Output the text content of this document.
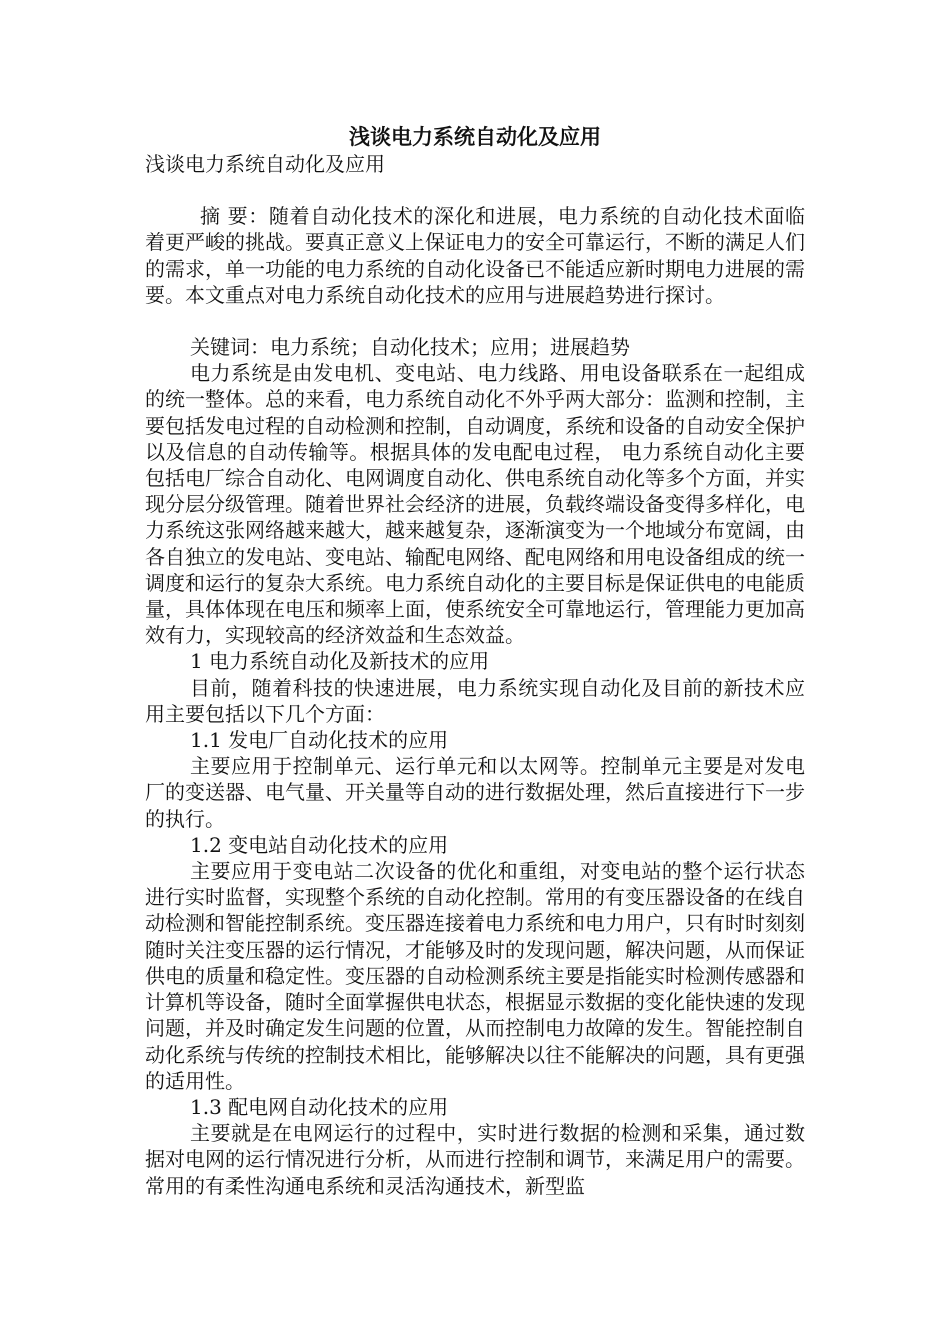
浅谈电力系统自动化及应用

浅谈电力系统自动化及应用

摘 要：随着自动化技术的深化和进展，电力系统的自动化技术面临着更严峻的挑战。要真正意义上保证电力的安全可靠运行，不断的满足人们的需求，单一功能的电力系统的自动化设备已不能适应新时期电力进展的需要。本文重点对电力系统自动化技术的应用与进展趋势进行探讨。

关键词：电力系统；自动化技术；应用；进展趋势

电力系统是由发电机、变电站、电力线路、用电设备联系在一起组成的统一整体。总的来看，电力系统自动化不外乎两大部分：监测和控制，主要包括发电过程的自动检测和控制，自动调度，系统和设备的自动安全保护以及信息的自动传输等。根据具体的发电配电过程， 电力系统自动化主要包括电厂综合自动化、电网调度自动化、供电系统自动化等多个方面，并实现分层分级管理。随着世界社会经济的进展，负载终端设备变得多样化，电力系统这张网络越来越大，越来越复杂，逐渐演变为一个地域分布宽阔，由各自独立的发电站、变电站、输配电网络、配电网络和用电设备组成的统一调度和运行的复杂大系统。电力系统自动化的主要目标是保证供电的电能质量，具体体现在电压和频率上面，使系统安全可靠地运行，管理能力更加高效有力，实现较高的经济效益和生态效益。

1 电力系统自动化及新技术的应用

目前，随着科技的快速进展，电力系统实现自动化及目前的新技术应用主要包括以下几个方面：

1.1 发电厂自动化技术的应用

主要应用于控制单元、运行单元和以太网等。控制单元主要是对发电厂的变送器、电气量、开关量等自动的进行数据处理，然后直接进行下一步的执行。

1.2 变电站自动化技术的应用

主要应用于变电站二次设备的优化和重组，对变电站的整个运行状态进行实时监督，实现整个系统的自动化控制。常用的有变压器设备的在线自动检测和智能控制系统。变压器连接着电力系统和电力用户，只有时时刻刻随时关注变压器的运行情况，才能够及时的发现问题，解决问题，从而保证供电的质量和稳定性。变压器的自动检测系统主要是指能实时检测传感器和计算机等设备，随时全面掌握供电状态，根据显示数据的变化能快速的发现问题，并及时确定发生问题的位置，从而控制电力故障的发生。智能控制自动化系统与传统的控制技术相比，能够解决以往不能解决的问题，具有更强的适用性。

1.3 配电网自动化技术的应用

主要就是在电网运行的过程中，实时进行数据的检测和采集，通过数据对电网的运行情况进行分析，从而进行控制和调节，来满足用户的需要。常用的有柔性沟通电系统和灵活沟通技术，新型监
